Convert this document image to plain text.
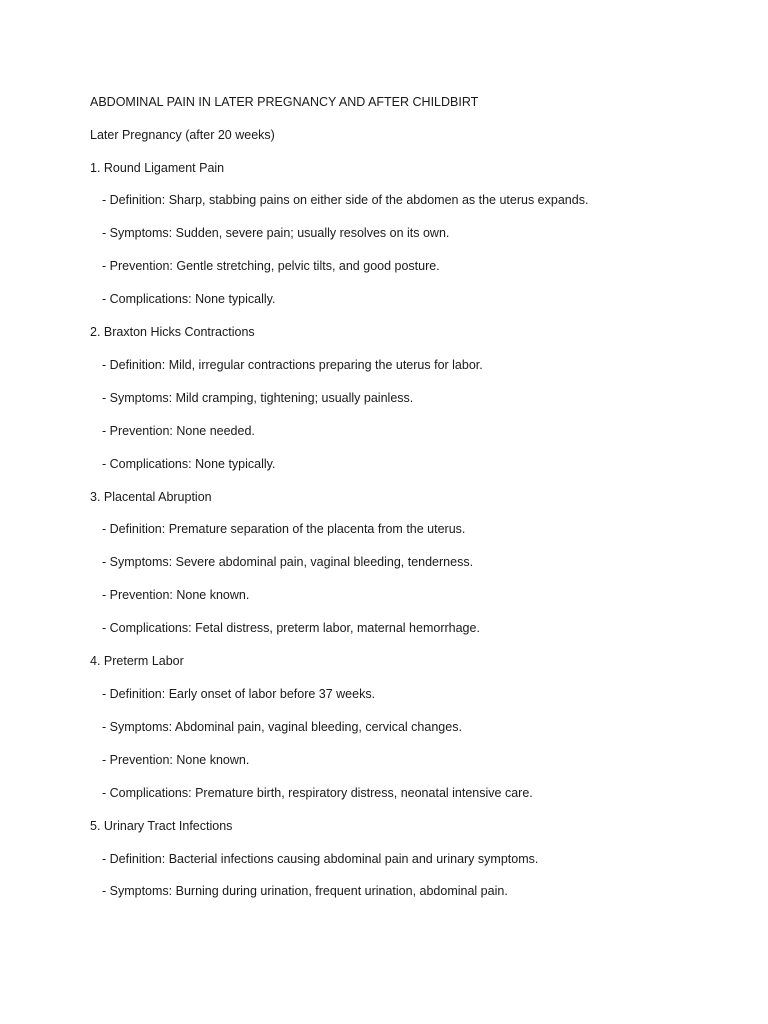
ABDOMINAL PAIN IN LATER PREGNANCY AND AFTER CHILDBIRT
Later Pregnancy (after 20 weeks)
1. Round Ligament Pain
- Definition: Sharp, stabbing pains on either side of the abdomen as the uterus expands.
- Symptoms: Sudden, severe pain; usually resolves on its own.
- Prevention: Gentle stretching, pelvic tilts, and good posture.
- Complications: None typically.
2. Braxton Hicks Contractions
- Definition: Mild, irregular contractions preparing the uterus for labor.
- Symptoms: Mild cramping, tightening; usually painless.
- Prevention: None needed.
- Complications: None typically.
3. Placental Abruption
- Definition: Premature separation of the placenta from the uterus.
- Symptoms: Severe abdominal pain, vaginal bleeding, tenderness.
- Prevention: None known.
- Complications: Fetal distress, preterm labor, maternal hemorrhage.
4. Preterm Labor
- Definition: Early onset of labor before 37 weeks.
- Symptoms: Abdominal pain, vaginal bleeding, cervical changes.
- Prevention: None known.
- Complications: Premature birth, respiratory distress, neonatal intensive care.
5. Urinary Tract Infections
- Definition: Bacterial infections causing abdominal pain and urinary symptoms.
- Symptoms: Burning during urination, frequent urination, abdominal pain.
